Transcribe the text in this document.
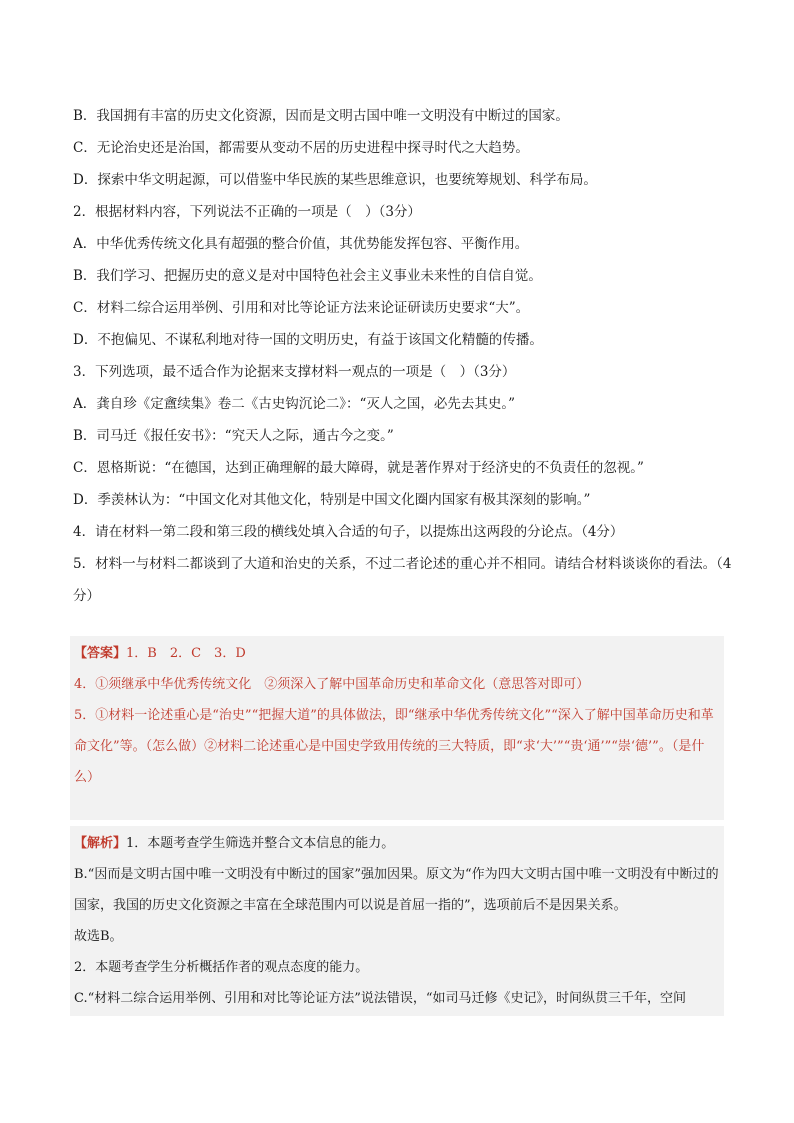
B．我国拥有丰富的历史文化资源，因而是文明古国中唯一文明没有中断过的国家。
C．无论治史还是治国，都需要从变动不居的历史进程中探寻时代之大趋势。
D．探索中华文明起源，可以借鉴中华民族的某些思维意识，也要统筹规划、科学布局。
2．根据材料内容，下列说法不正确的一项是（　）（3分）
A．中华优秀传统文化具有超强的整合价值，其优势能发挥包容、平衡作用。
B．我们学习、把握历史的意义是对中国特色社会主义事业未来性的自信自觉。
C．材料二综合运用举例、引用和对比等论证方法来论证研读历史要求“大”。
D．不抱偏见、不谋私利地对待一国的文明历史，有益于该国文化精髓的传播。
3．下列选项，最不适合作为论据来支撑材料一观点的一项是（　）（3分）
A．龚自珍《定盦续集》卷二《古史钩沉论二》：“灭人之国，必先去其史。”
B．司马迁《报任安书》：“究天人之际，通古今之变。”
C．恩格斯说：“在德国，达到正确理解的最大障碍，就是著作界对于经济史的不负责任的忽视。”
D．季羡林认为：“中国文化对其他文化，特别是中国文化圈内国家有极其深刻的影响。”
4．请在材料一第二段和第三段的横线处填入合适的句子，以提炼出这两段的分论点。（4分）
5．材料一与材料二都谈到了大道和治史的关系，不过二者论述的重心并不相同。请结合材料谈谈你的看法。（4分）
【答案】1．B　2．C　3．D
4．①须继承中华优秀传统文化　②须深入了解中国革命历史和革命文化（意思答对即可）
5．①材料一论述重心是“治史”“把握大道”的具体做法，即“继承中华优秀传统文化”“深入了解中国革命历史和革命文化”等。（怎么做）②材料二论述重心是中国史学致用传统的三大特质，即“求‘大’”“贵‘通’”“崇‘德’”。（是什么）
【解析】1．本题考查学生筛选并整合文本信息的能力。
B.“因而是文明古国中唯一文明没有中断过的国家”强加因果。原文为“作为四大文明古国中唯一文明没有中断过的国家，我国的历史文化资源之丰富在全球范围内可以说是首屈一指的”，选项前后不是因果关系。
故选B。
2．本题考查学生分析概括作者的观点态度的能力。
C.“材料二综合运用举例、引用和对比等论证方法”说法错误，“如司马迁修《史记》，时间纵贯三千年，空间
